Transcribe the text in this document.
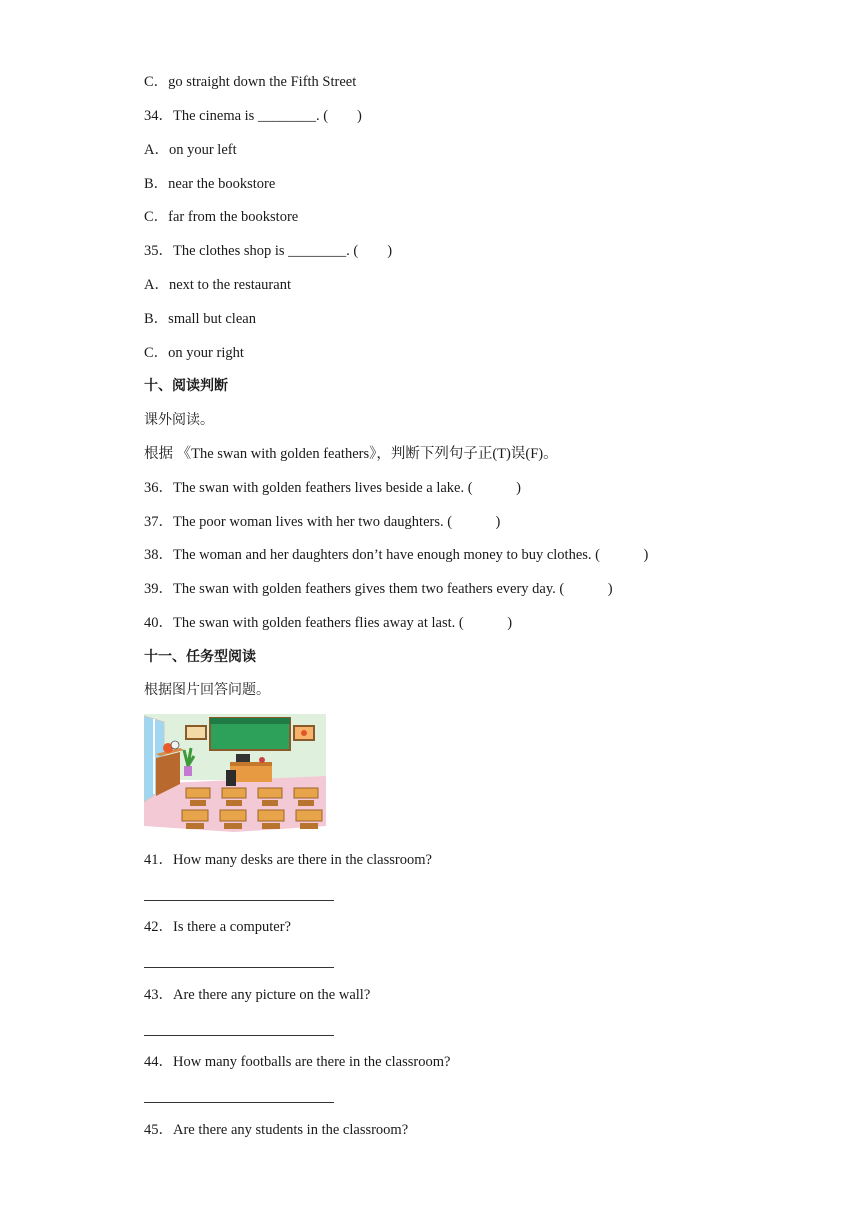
C．go straight down the Fifth Street
34．The cinema is ________. (　　)
A．on your left
B．near the bookstore
C．far from the bookstore
35．The clothes shop is ________. (　　)
A．next to the restaurant
B．small but clean
C．on your right
十、阅读判断
课外阅读。
根据 《The swan with golden feathers》，判断下列句子正(T)误(F)。
36．The swan with golden feathers lives beside a lake. (　　　)
37．The poor woman lives with her two daughters. (　　　)
38．The woman and her daughters don’t have enough money to buy clothes. (　　　)
39．The swan with golden feathers gives them two feathers every day. (　　　)
40．The swan with golden feathers flies away at last. (　　　)
十一、任务型阅读
根据图片回答问题。
41．How many desks are there in the classroom?
42．Is there a computer?
43．Are there any picture on the wall?
44．How many footballs are there in the classroom?
45．Are there any students in the classroom?
